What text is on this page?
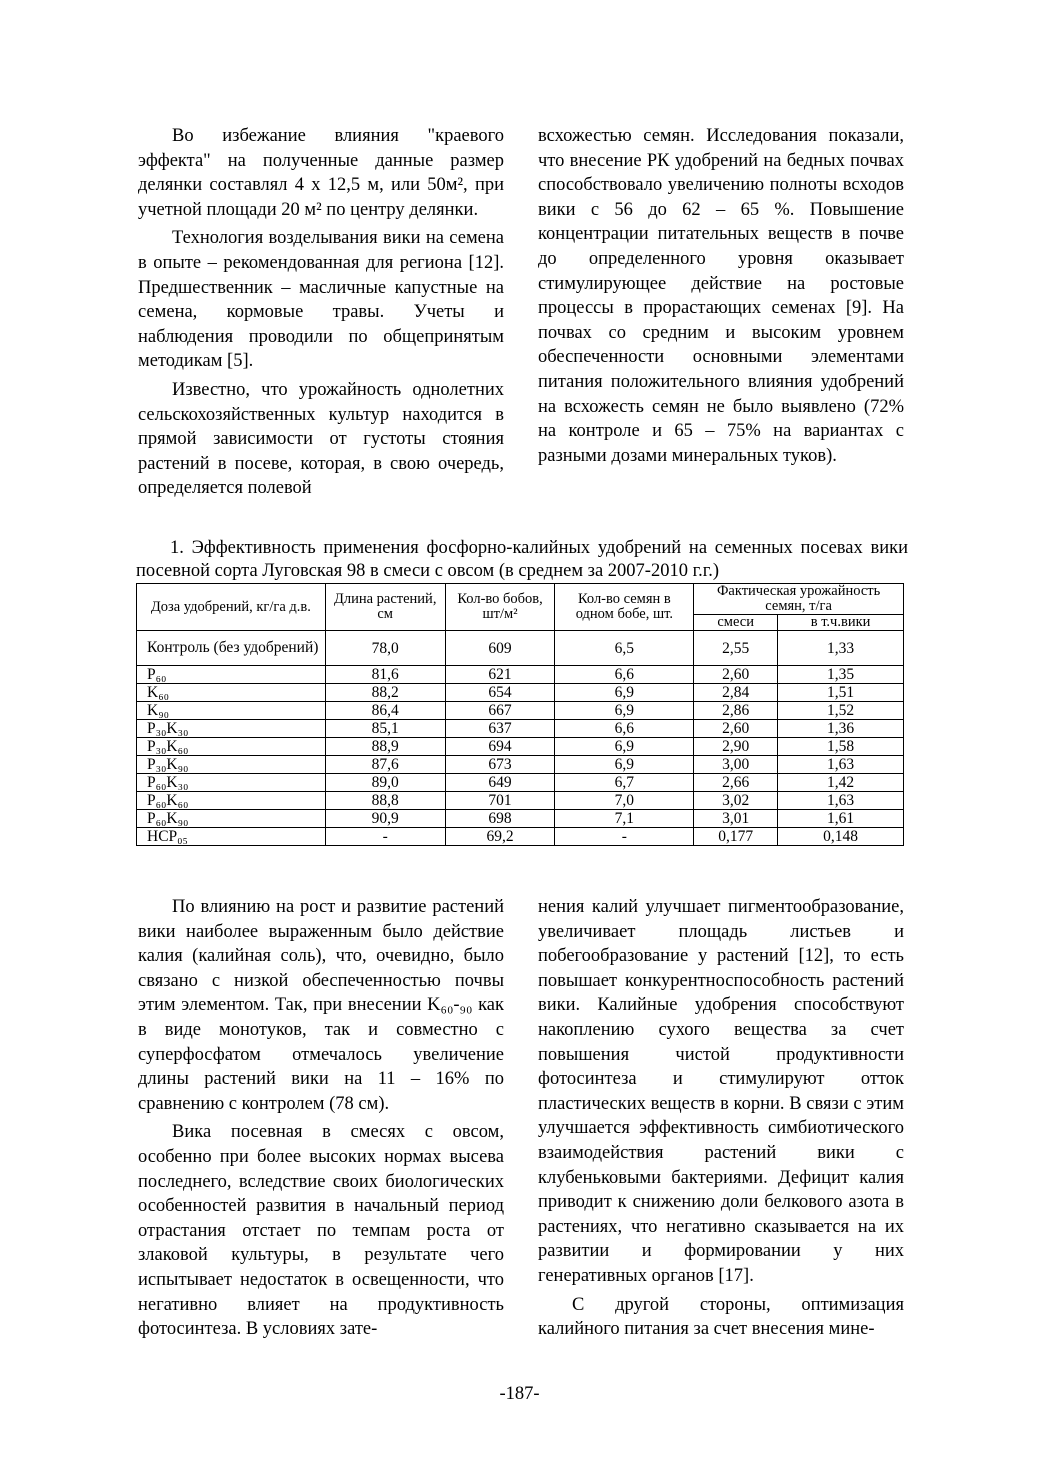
Во избежание влияния "краевого эффекта" на полученные данные размер делянки составлял 4 х 12,5 м, или 50м², при учетной площади 20 м² по центру делянки.

Технология возделывания вики на семена в опыте – рекомендованная для региона [12]. Предшественник – масличные капустные на семена, кормовые травы. Учеты и наблюдения проводили по общепринятым методикам [5].

Известно, что урожайность однолетних сельскохозяйственных культур находится в прямой зависимости от густоты стояния растений в посеве, которая, в свою очередь, определяется полевой

всхожестью семян. Исследования показали, что внесение РК удобрений на бедных почвах способствовало увеличению полноты всходов вики с 56 до 62 – 65 %. Повышение концентрации питательных веществ в почве до определенного уровня оказывает стимулирующее действие на ростовые процессы в прорастающих семенах [9]. На почвах со средним и высоким уровнем обеспеченности основными элементами питания положительного влияния удобрений на всхожесть семян не было выявлено (72% на контроле и 65 – 75% на вариантах с разными дозами минеральных туков).

1. Эффективность применения фосфорно-калийных удобрений на семенных посевах вики посевной сорта Луговская 98 в смеси с овсом (в среднем за 2007-2010 г.г.)
Доза удобрений, кг/га д.в.	Длина растений, см	Кол-во бобов, шт/м²	Кол-во семян в одном бобе, шт.	Фактическая урожайность семян, т/га	
				смеси	в т.ч.вики
Контроль (без удобрений)	78,0	609	6,5	2,55	1,33
P₆₀	81,6	621	6,6	2,60	1,35
K₆₀	88,2	654	6,9	2,84	1,51
K₉₀	86,4	667	6,9	2,86	1,52
P₃₀K₃₀	85,1	637	6,6	2,60	1,36
P₃₀K₆₀	88,9	694	6,9	2,90	1,58
P₃₀K₉₀	87,6	673	6,9	3,00	1,63
P₆₀K₃₀	89,0	649	6,7	2,66	1,42
P₆₀K₆₀	88,8	701	7,0	3,02	1,63
P₆₀K₉₀	90,9	698	7,1	3,01	1,61
НСР₀₅	-	69,2	-	0,177	0,148

По влиянию на рост и развитие растений вики наиболее выраженным было действие калия (калийная соль), что, очевидно, было связано с низкой обеспеченностью почвы этим элементом. Так, при внесении K₆₀-₉₀ как в виде монотуков, так и совместно с суперфосфатом отмечалось увеличение длины растений вики на 11 – 16% по сравнению с контролем (78 см).

Вика посевная в смесях с овсом, особенно при более высоких нормах высева последнего, вследствие своих биологических особенностей развития в начальный период отрастания отстает по темпам роста от злаковой культуры, в результате чего испытывает недостаток в освещенности, что негативно влияет на продуктивность фотосинтеза. В условиях зате-

нения калий улучшает пигментообразование, увеличивает площадь листьев и побегообразование у растений [12], то есть повышает конкурентноспособность растений вики. Калийные удобрения способствуют накоплению сухого вещества за счет повышения чистой продуктивности фотосинтеза и стимулируют отток пластических веществ в корни. В связи с этим улучшается эффективность симбиотического взаимодействия растений вики с клубеньковыми бактериями. Дефицит калия приводит к снижению доли белкового азота в растениях, что негативно сказывается на их развитии и формировании у них генеративных органов [17].

С другой стороны, оптимизация калийного питания за счет внесения мине-

-187-
